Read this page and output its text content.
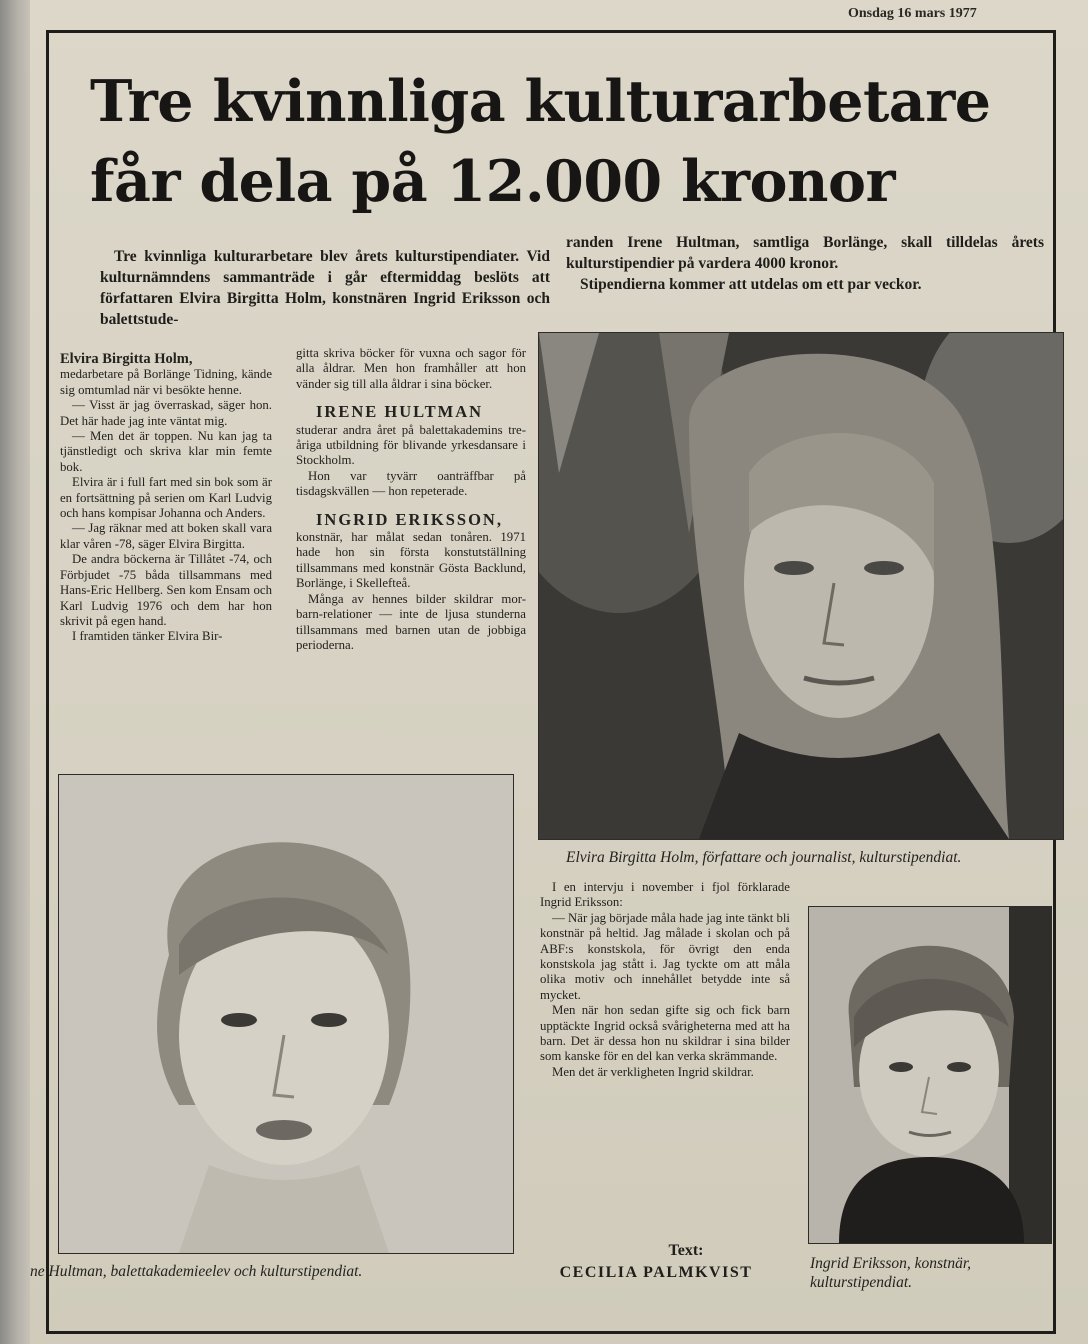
Onsdag 16 mars 1977
Tre kvinnliga kulturarbetare
får dela på 12.000 kronor
Tre kvinnliga kulturarbetare blev årets kulturstipendiater. Vid kulturnämndens sammanträde i går eftermiddag beslöts att författaren Elvira Birgitta Holm, konstnären Ingrid Eriksson och balettstude-

randen Irene Hultman, samtliga Borlänge, skall tilldelas årets kulturstipendier på vardera 4000 kronor.

Stipendierna kommer att utdelas om ett par veckor.

Elvira Birgitta Holm,

medarbetare på Borlänge Tidning, kände sig omtumlad när vi besökte henne.

— Visst är jag överraskad, säger hon. Det här hade jag inte väntat mig.

— Men det är toppen. Nu kan jag ta tjänstledigt och skriva klar min femte bok.

Elvira är i full fart med sin bok som är en fortsättning på serien om Karl Ludvig och hans kompisar Johanna och Anders.

— Jag räknar med att boken skall vara klar våren -78, säger Elvira Birgitta.

De andra böckerna är Tillåtet -74, och Förbjudet -75 båda tillsammans med Hans-Eric Hellberg. Sen kom Ensam och Karl Ludvig 1976 och dem har hon skrivit på egen hand.

I framtiden tänker Elvira Bir-

gitta skriva böcker för vuxna och sagor för alla åldrar. Men hon framhåller att hon vänder sig till alla åldrar i sina böcker.

IRENE HULTMAN

studerar andra året på balettakademins tre-åriga utbildning för blivande yrkesdansare i Stockholm.

Hon var tyvärr oanträffbar på tisdagskvällen — hon repeterade.

INGRID ERIKSSON,

konstnär, har målat sedan tonåren. 1971 hade hon sin första konstutställning tillsammans med konstnär Gösta Backlund, Borlänge, i Skellefteå.

Många av hennes bilder skildrar mor-barn-relationer — inte de ljusa stunderna tillsammans med barnen utan de jobbiga perioderna.

I en intervju i november i fjol förklarade Ingrid Eriksson:

— När jag började måla hade jag inte tänkt bli konstnär på heltid. Jag målade i skolan och på ABF:s konstskola, för övrigt den enda konstskola jag stått i. Jag tyckte om att måla olika motiv och innehållet betydde inte så mycket.

Men när hon sedan gifte sig och fick barn upptäckte Ingrid också svårigheterna med att ha barn. Det är dessa hon nu skildrar i sina bilder som kanske för en del kan verka skrämmande.

Men det är verkligheten Ingrid skildrar.

Elvira Birgitta Holm, författare och journalist, kulturstipendiat.
ne Hultman, balettakademieelev och kulturstipendiat.	Ingrid Eriksson, konstnär, kulturstipendiat.
Text:
CECILIA PALMKVIST
